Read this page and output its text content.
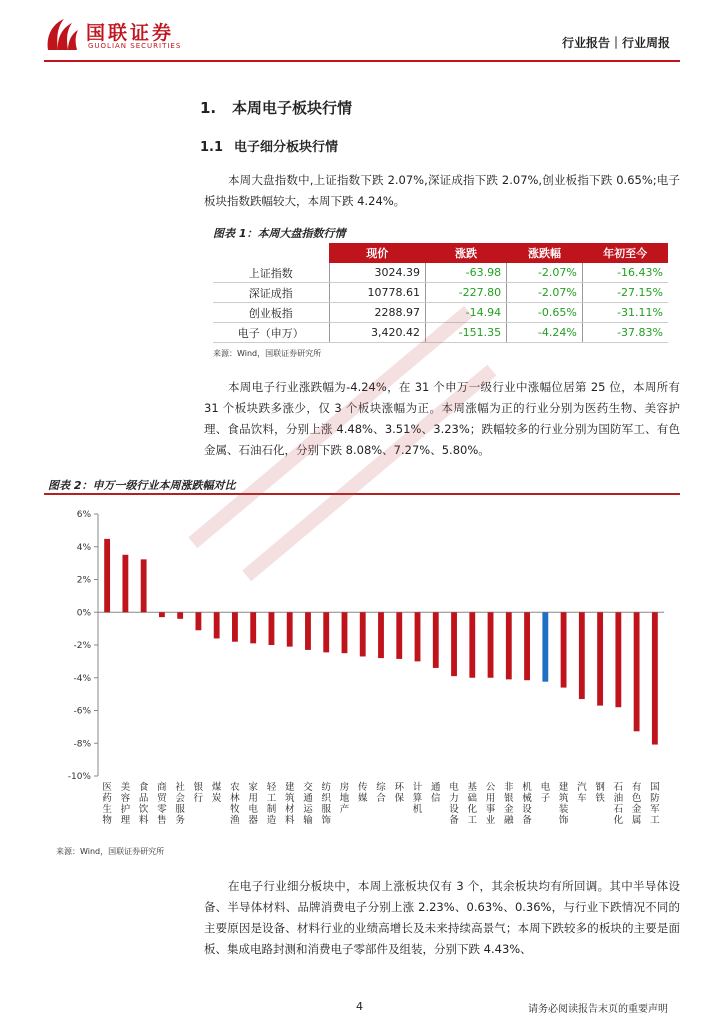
国联证券
GUOLIAN SECURITIES	行业报告｜行业周报
1. 本周电子板块行情
1.1 电子细分板块行情

本周大盘指数中,上证指数下跌 2.07%,深证成指下跌 2.07%,创业板指下跌 0.65%;电子板块指数跌幅较大，本周下跌 4.24%。

图表 1：本周大盘指数行情
	现价	涨跌	涨跌幅	年初至今
上证指数	3024.39	-63.98	-2.07%	-16.43%
深证成指	10778.61	-227.80	-2.07%	-27.15%
创业板指	2288.97	-14.94	-0.65%	-31.11%
电子（申万）	3,420.42	-151.35	-4.24%	-37.83%
来源：Wind，国联证券研究所

本周电子行业涨跌幅为-4.24%，在 31 个申万一级行业中涨幅位居第 25 位，本周所有 31 个板块跌多涨少，仅 3 个板块涨幅为正。本周涨幅为正的行业分别为医药生物、美容护理、食品饮料，分别上涨 4.48%、3.51%、3.23%；跌幅较多的行业分别为国防军工、有色金属、石油石化，分别下跌 8.08%、7.27%、5.80%。

图表 2：申万一级行业本周涨跌幅对比
6%
4%
2%
0%
-2%
-4%
-6%
-8%
-10%
医
药
生
物
美
容
护
理
食
品
饮
料
商
贸
零
售
社
会
服
务
银
行
煤
炭
农
林
牧
渔
家
用
电
器
轻
工
制
造
建
筑
材
料
交
通
运
输
纺
织
服
饰
房
地
产
传
媒
综
合
环
保
计
算
机
通
信
电
力
设
备
基
础
化
工
公
用
事
业
非
银
金
融
机
械
设
备
电
子
建
筑
装
饰
汽
车
钢
铁
石
油
石
化
有
色
金
属
国
防
军
工
来源：Wind，国联证券研究所

在电子行业细分板块中，本周上涨板块仅有 3 个，其余板块均有所回调。其中半导体设备、半导体材料、品牌消费电子分别上涨 2.23%、0.63%、0.36%，与行业下跌情况不同的主要原因是设备、材料行业的业绩高增长及未来持续高景气；本周下跌较多的板块的主要是面板、集成电路封测和消费电子零部件及组装，分别下跌 4.43%、

4	请务必阅读报告末页的重要声明
